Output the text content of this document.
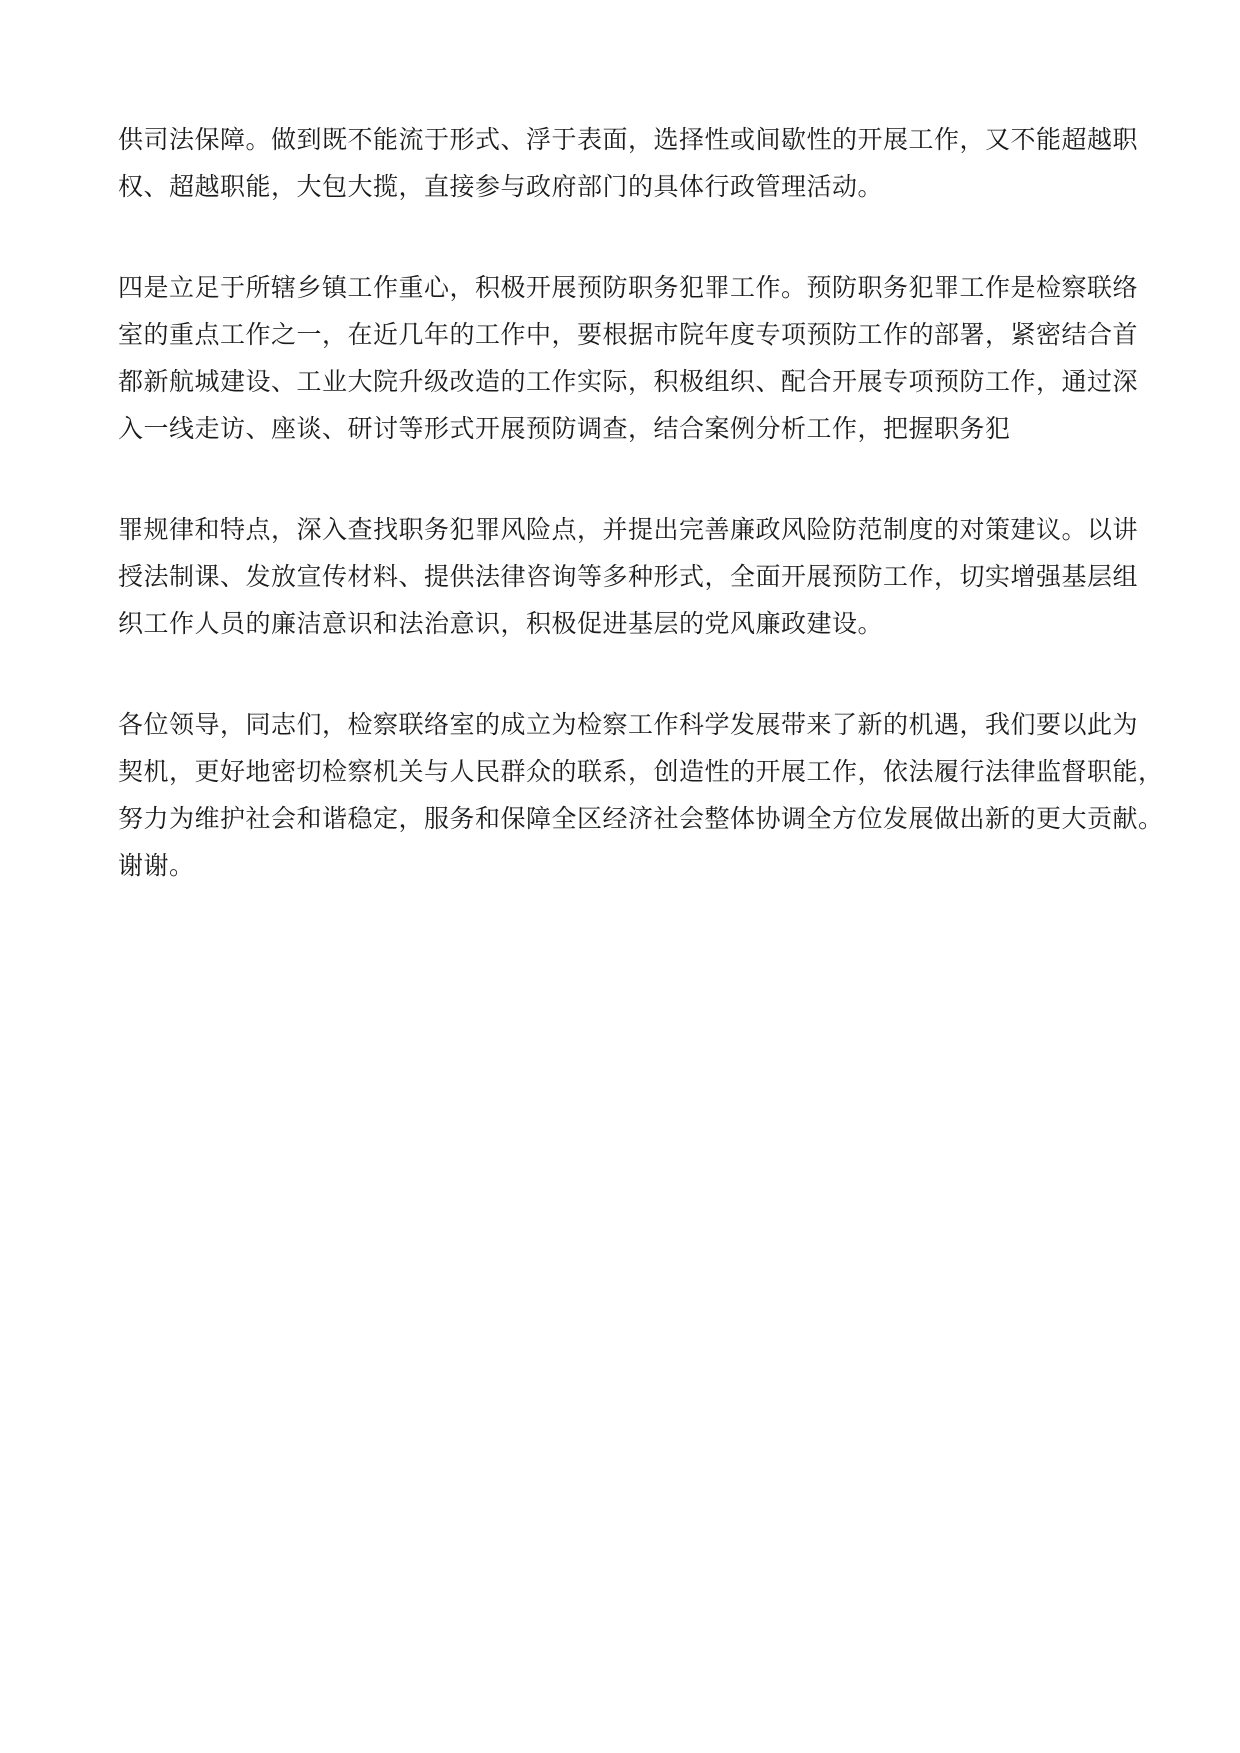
供司法保障。做到既不能流于形式、浮于表面，选择性或间歇性的开展工作，又不能超越职
权、超越职能，大包大揽，直接参与政府部门的具体行政管理活动。

四是立足于所辖乡镇工作重心，积极开展预防职务犯罪工作。预防职务犯罪工作是检察联络
室的重点工作之一，在近几年的工作中，要根据市院年度专项预防工作的部署，紧密结合首
都新航城建设、工业大院升级改造的工作实际，积极组织、配合开展专项预防工作，通过深
入一线走访、座谈、研讨等形式开展预防调查，结合案例分析工作，把握职务犯

罪规律和特点，深入查找职务犯罪风险点，并提出完善廉政风险防范制度的对策建议。以讲
授法制课、发放宣传材料、提供法律咨询等多种形式，全面开展预防工作，切实增强基层组
织工作人员的廉洁意识和法治意识，积极促进基层的党风廉政建设。

各位领导，同志们，检察联络室的成立为检察工作科学发展带来了新的机遇，我们要以此为
契机，更好地密切检察机关与人民群众的联系，创造性的开展工作，依法履行法律监督职能，
努力为维护社会和谐稳定，服务和保障全区经济社会整体协调全方位发展做出新的更大贡献。
谢谢。
